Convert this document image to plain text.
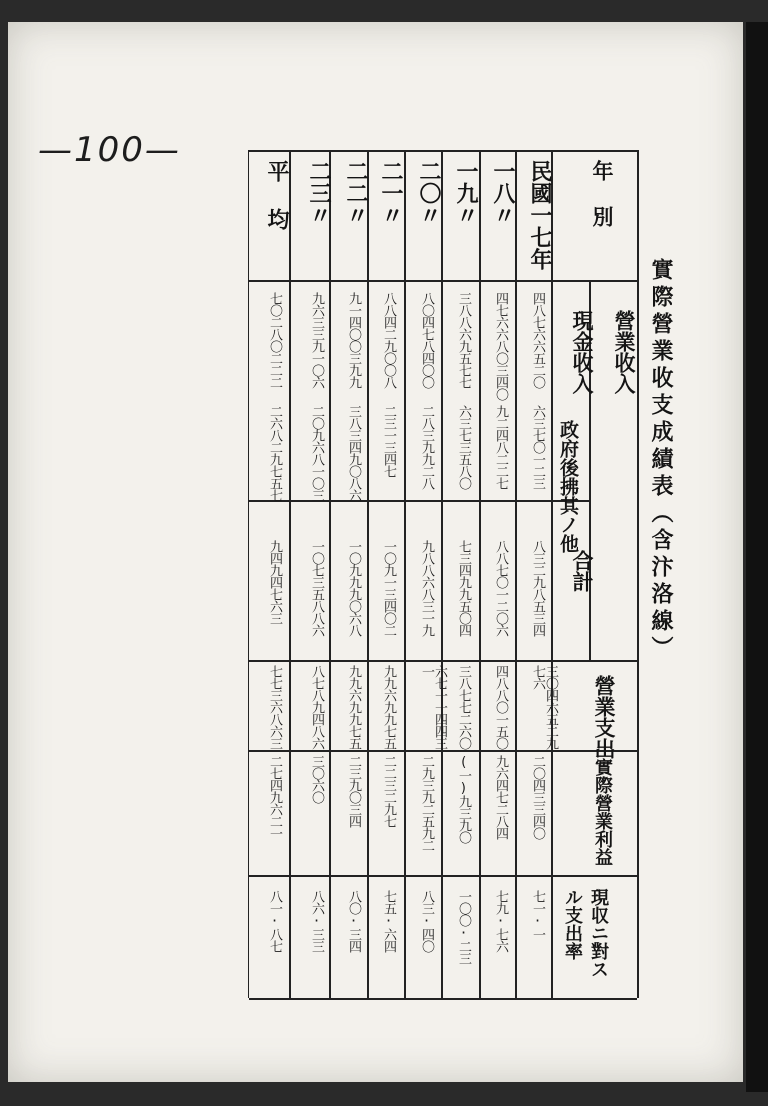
—100—
實際營業收支成績表（含汴洛線）
年 別
營業收入
現金收入
政府後拂其ノ他
合計
營業支出
實際營業利益
現収ニ對スル支出率
民國一七年
四八七六六五二〇
六三七〇一二三
八三二九八五三四
三〇四六五二九七六
二〇四三三四〇
七一·一
一八〃
四七六六八〇三四〇
九二四八二二七
八八七〇一二〇六
四八八〇一五〇
九六四七二八四
七九·七六
一九〃
三八八六九五七七
六三七三五八〇
七三四九九五〇四
三八七七二六〇
(一)九三九〇
一〇〇·二三
二〇〃
八〇四七八四〇〇
二八三九九二八
九八八六八三一九
六七一一四四三一
二九三九二五九二
八三·四〇
二一〃
八八四二九〇〇八
二三一三四七
一〇九一三四〇二
九九六九九七五
二二三二九七
七五·六四
二二〃
九一四〇〇三九九
三八三四九〇八六
一〇九九九〇六八
九九六九九七五
二三九〇三四
八〇·三四
二三〃
九六三三九一〇六
二〇九六八一〇三
一〇七三五八八六
八七八九四八六
三〇六〇
八六·三三
平 均
七〇二八〇二二二
二六八二九七五七
九四九四七六三
七七三六八六三
二七四九六二一
八一·八七
